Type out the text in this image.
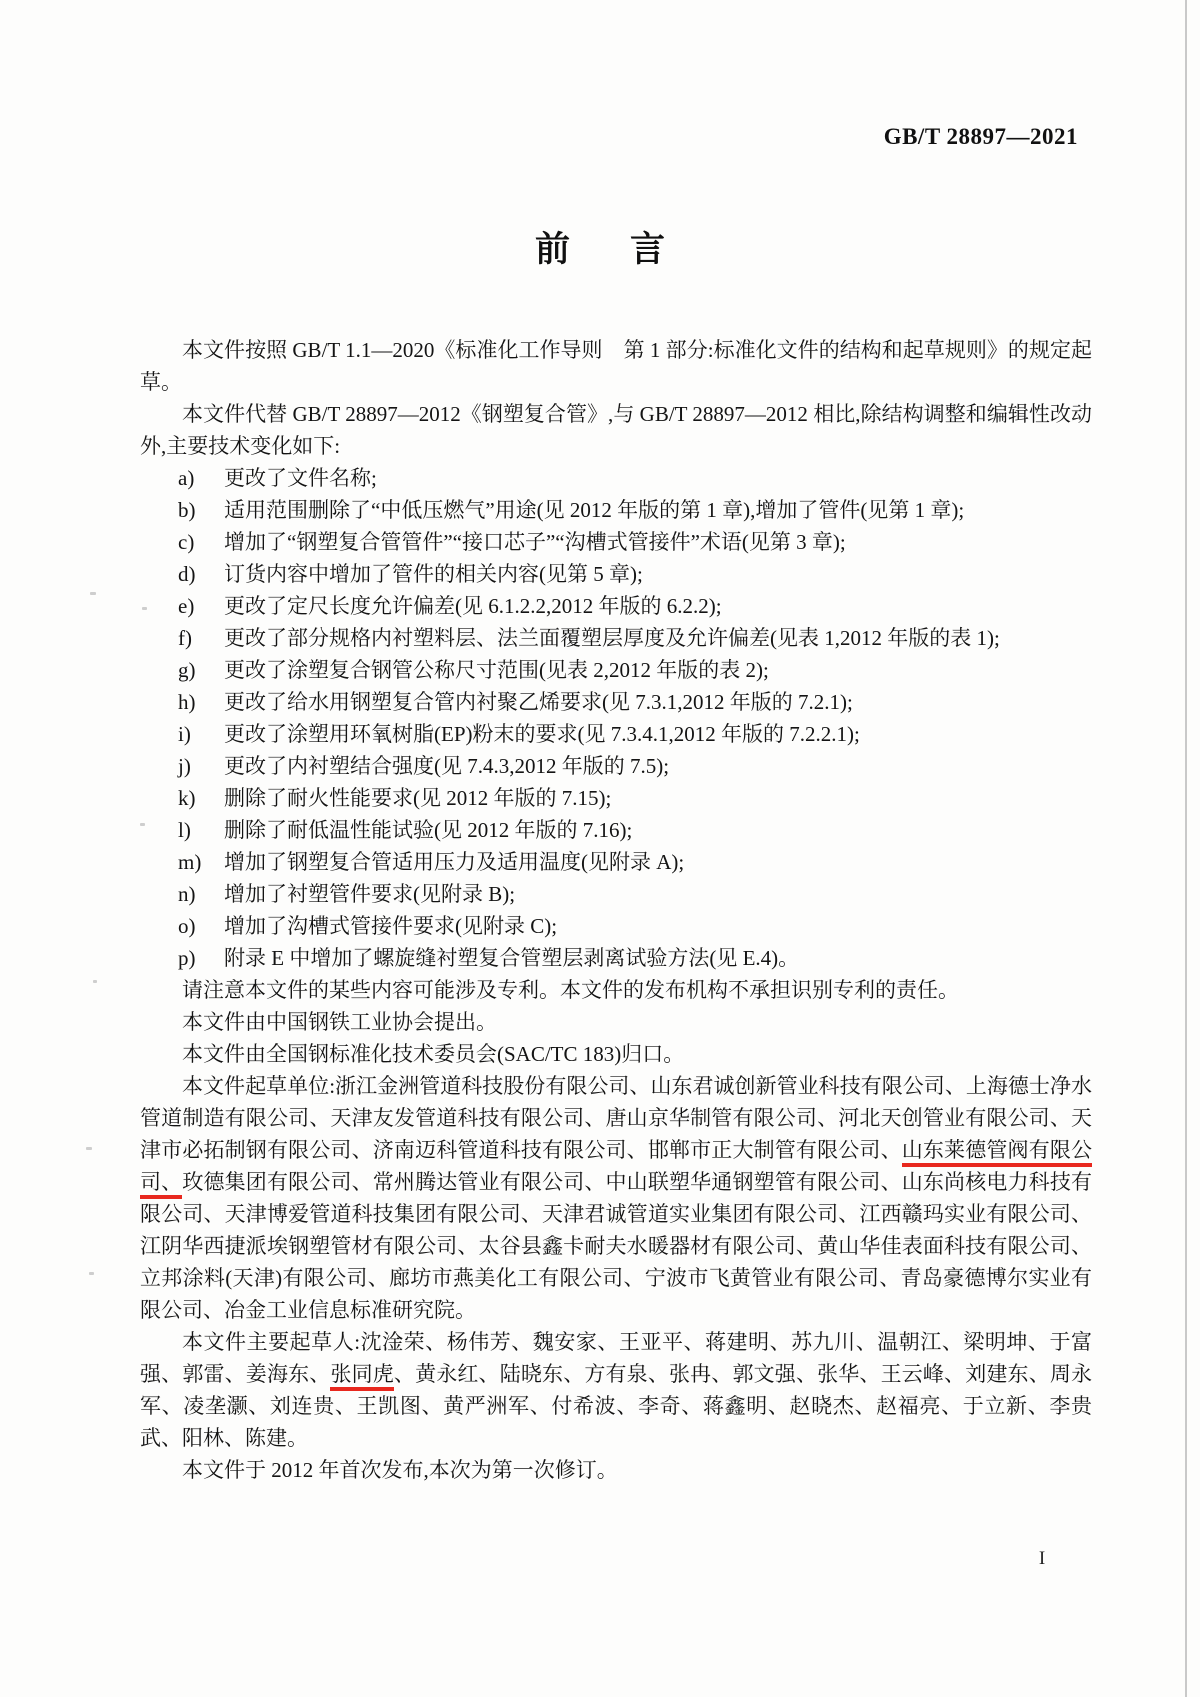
GB/T 28897—2021
前 言

本文件按照 GB/T 1.1—2020《标准化工作导则　第 1 部分:标准化文件的结构和起草规则》的规定起草。

本文件代替 GB/T 28897—2012《钢塑复合管》,与 GB/T 28897—2012 相比,除结构调整和编辑性改动外,主要技术变化如下:

a) 更改了文件名称;
b) 适用范围删除了“中低压燃气”用途(见 2012 年版的第 1 章),增加了管件(见第 1 章);
c) 增加了“钢塑复合管管件”“接口芯子”“沟槽式管接件”术语(见第 3 章);
d) 订货内容中增加了管件的相关内容(见第 5 章);
e) 更改了定尺长度允许偏差(见 6.1.2.2,2012 年版的 6.2.2);
f) 更改了部分规格内衬塑料层、法兰面覆塑层厚度及允许偏差(见表 1,2012 年版的表 1);
g) 更改了涂塑复合钢管公称尺寸范围(见表 2,2012 年版的表 2);
h) 更改了给水用钢塑复合管内衬聚乙烯要求(见 7.3.1,2012 年版的 7.2.1);
i) 更改了涂塑用环氧树脂(EP)粉末的要求(见 7.3.4.1,2012 年版的 7.2.2.1);
j) 更改了内衬塑结合强度(见 7.4.3,2012 年版的 7.5);
k) 删除了耐火性能要求(见 2012 年版的 7.15);
l) 删除了耐低温性能试验(见 2012 年版的 7.16);
m) 增加了钢塑复合管适用压力及适用温度(见附录 A);
n) 增加了衬塑管件要求(见附录 B);
o) 增加了沟槽式管接件要求(见附录 C);
p) 附录 E 中增加了螺旋缝衬塑复合管塑层剥离试验方法(见 E.4)。

请注意本文件的某些内容可能涉及专利。本文件的发布机构不承担识别专利的责任。

本文件由中国钢铁工业协会提出。

本文件由全国钢标准化技术委员会(SAC/TC 183)归口。

本文件起草单位:浙江金洲管道科技股份有限公司、山东君诚创新管业科技有限公司、上海德士净水管道制造有限公司、天津友发管道科技有限公司、唐山京华制管有限公司、河北天创管业有限公司、天津市必拓制钢有限公司、济南迈科管道科技有限公司、邯郸市正大制管有限公司、山东莱德管阀有限公司、玫德集团有限公司、常州腾达管业有限公司、中山联塑华通钢塑管有限公司、山东尚核电力科技有限公司、天津博爱管道科技集团有限公司、天津君诚管道实业集团有限公司、江西赣玛实业有限公司、江阴华西捷派埃钢塑管材有限公司、太谷县鑫卡耐夫水暖器材有限公司、黄山华佳表面科技有限公司、立邦涂料(天津)有限公司、廊坊市燕美化工有限公司、宁波市飞黄管业有限公司、青岛豪德博尔实业有限公司、冶金工业信息标准研究院。

本文件主要起草人:沈淦荣、杨伟芳、魏安家、王亚平、蒋建明、苏九川、温朝江、梁明坤、于富强、郭雷、姜海东、张同虎、黄永红、陆晓东、方有泉、张冉、郭文强、张华、王云峰、刘建东、周永军、凌垄灏、刘连贵、王凯图、黄严洲军、付希波、李奇、蒋鑫明、赵晓杰、赵福亮、于立新、李贵武、阳林、陈建。

本文件于 2012 年首次发布,本次为第一次修订。

I
